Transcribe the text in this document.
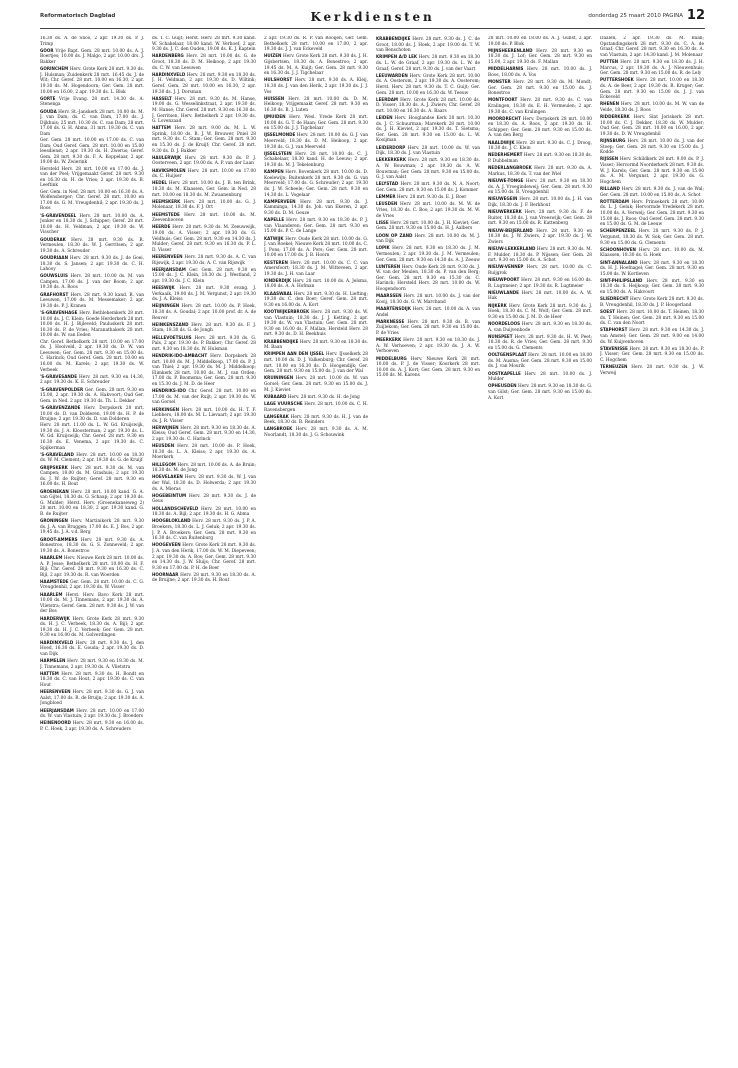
Reformatorisch Dagblad	Kerkdiensten	donderdag 25 maart 2010 PAGINA 12

16.30 ds. A. de Snoo, 2 apr. 19.30 ds. P. J. Trimp

GOOR Vrije Bapt. Gem. 28 mrt. 10.00 ds. A. J. Boertjes; 10.00 ds. J. Malgo, 2 apr. 10.00 drs. J. Bakker

GORINCHEM Herv. Grote Kerk 28 mrt. 9.30 ds. J. Hulsman; Zuidenkerk 28 mrt. 16.45 ds. J. de Wit; Chr. Geref. 28 mrt. 10.00 en 16.30, 2 apr. 19.30 ds. M. Hogendoorn; Ger. Gem. 28 mrt. 10.00 en 16.00, 2 apr. 19.30 ds. L. Blok

GORTE Vrije Evang. 28 mrt. 14.30 ds. A. Stenenga

GOUDA Herv. St.-Janskerk 28 mrt. 10.00 ds. M. J. van Dam; ds. C. van Dam, 17.00 ds. J. Dijkhuis; 25 mrt. 10.30 ds. C. van Dam; 28 mrt. 17.00 ds. G. H. Abma, 31 mrt. 19.30 ds. C. van Dam

Ger. Gem. 28 mrt. 10.00 en 17.00 ds. C. van Dam; Oud Geref. Gem. 28 mrt. 10.00 en 15.00 leesdienst; 2 apr. 19.30 ds. H. Zwerus; Geref. Gem. 28 mrt. 9.30 ds. F. A. Koppelaar, 2 apr. 19.00 ds. W. Zwierink

Hersteld Herv. 28 mrt. 10.00 en 17.00 ds. J. van der Poel; Vrijgemaakt Geref. 28 mrt. 9.30 en 16.30 ds. H. de Vries; 2 apr. 19.30 ds. B. Leeftink

Ger. Gem. in Ned. 28 mrt. 10.00 en 16.30 ds. A. Wolfensberger; Chr. Geref. 28 mrt. 10.00 en 17.00 ds. G. M. Vreugdenhil; 2 apr. 19.30 ds. J. Roos

'S-GRAVENDEEL Herv. 28 mrt. 10.00 ds. A. Jonker en 18.30 ds. J. Schipper; Geref. 28 mrt. 10.00 ds. H. Veldman, 2 apr. 19.30 ds. W. Visscher

GOUDERAK Herv. 28 mrt. 9.30 ds. R. Vermeulen, 18.30 ds. W. J. Gerritsen; 2 apr. 19.30 ds. A. Schreuder

GOUDRIAAN Herv. 28 mrt. 9.30 ds. J. de Goei, 18.30 ds. S. Jansen; 2 apr. 19.30 ds. C. H. Lahooy

GOUWSLUIS Herv. 28 mrt. 10.00 ds. M. van Campen, 17.00 ds. J. van der Boom; 2 apr. 19.30 ds. A. Roos

GRAFHORST Herv. 28 mrt. 9.30 kand. R. van Leeuwen, 17.00 ds. M. Messemaker; 2 apr. 19.30 ds. P. J. Kranen

'S-GRAVENHAGE Herv. Bethlehemkerk 28 mrt. 10.00 ds. J. C. Klein; Goede Herderkerk 28 mrt. 10.00 ds. H. J. Bijleveld; Pauluskerk 28 mrt. 10.30 ds. P. de Vries; Maranathakerk 28 mrt. 10.00 ds. W. van Eeden

Chr. Geref. Bethelkerk 28 mrt. 10.00 en 17.00 ds. J. Hooiveld, 2 apr. 19.30 ds. D. W. van Leeuwen; Ger. Gem. 28 mrt. 9.30 en 15.00 ds. C. Harinck; Oud Geref. Gem. 28 mrt. 10.00 en 16.00 ds. M. Karels; 2 apr. 19.30 ds. W. Verbeek

'S-GRAVESANDE Herv. 28 mrt. 9.30 en 14.30, 2 apr. 19.30 ds. K. E. Schreuder

'S-GRAVENPOLDER Ger. Gem. 28 mrt. 9.30 en 15.00, 2 apr. 19.30 ds. A. Hakvoort; Oud Ger. Gem. in Ned. 2 apr. 19.30 ds. Th. L. Dekker

'S-GRAVENZANDE Herv. Dorpskerk 28 mrt. 10.00 ds. D. van Dolderen, 19.00 ds. H. P. de Bruijne; 2 apr. 19.30 ds. D. van Dolderen

Herv. 28 mrt. 11.00 ds. L. W. Gd. Kruijswijk, 19.30 ds. J. A. Kloosterman; 2 apr. 19.30 ds. L. W. Gd. Kruijswijk; Chr. Geref. 28 mrt. 9.30 en 16.30 ds. E. Venema, 2 apr. 19.30 ds. C. Spijkerman

'S-GRAVELAND Herv. 28 mrt. 10.00 en 18.30 ds. W. M. Clement; 2 apr. 19.30 ds. G. de Kruijf

GRIJPSKERK Herv. 28 mrt. 9.30 ds. M. van Campen; 18.00 ds. M. Grashuis; 2 apr. 19.30 ds. J. W. de Ruijter; Geref. 28 mrt. 9.30 en 16.00 ds. H. Bout

GROENEKAN Herv. 28 mrt. 10.00 kand. G. A. van Gijtel, 18.30 ds. G. Schaap; 2 apr. 19.30 ds. G. Mulder; Herst. Herv. (Groenekanseweg 2) 28 mrt. 10.00 en 18.30, 2 apr. 19.30 kand. G. B. de Ruijter

GRONINGEN Herv. Martinikerk 28 mrt. 9.30 ds. J. A. van Bruggen; 17.00 ds. E. J. Bos, 2 apr. 19.45 ds. J. A. v.d. Berg

GROOT-AMMERS Herv. 28 mrt. 9.30 ds. A. Bonestroo, 18.30 ds. G. S. Zonneveld; 2 apr. 19.30 ds. A. Bonestroo

HAARLEM Herv. Nieuwe Kerk 28 mrt. 10.00 ds. A. P. Jesse; Bethelkerk 28 mrt. 10.00 ds. H. F. Bijl; Chr. Geref. 28 mrt. 9.30 en 16.30 ds. C. Bijl, 2 apr. 19.30 ds. R. van Woerden

HAAMSTEDE Ger. Gem. 28 mrt. 10.00 ds. C. G. Vreugdenhil, 2 apr. 19.30 ds. W. Visser

HAARLEM Herst. Herv. Bavo Kerk 28 mrt. 10.00 ds. M. J. Tinnemans, 2 apr. 19.30 ds. A. Vlietstra; Geref. Gem. 28 mrt. 9.30 ds. J. W. van der Bos

HARDERWIJK Herv. Grote Kerk 28 mrt. 9.30 ds. H. J. C. Verbeek, 18.30 ds. A. Bijl; 2 apr. 19.30 ds. H. J. C. Verbeek; Ger. Gem. 28 mrt. 9.30 en 16.00 ds. M. Golverdingen

HARDINXVELD Herv. 28 mrt. 9.30 ds. J. den Hoed, 16.30 ds. E. Gouda; 2 apr. 19.30 ds. D. van Dijk

HARMELEN Herv. 28 mrt. 9.30 en 18.30 ds. M. J. Tinnemans, 2 apr. 19.30 ds. A. Vlietstra

HATTEM Herv. 28 mrt. 9.30 ds. H. Bondt en 18.30 ds. C. van Hout, 2 apr. 19.30 ds. C. van Hout

HEERENVEEN Herv. 28 mrt. 9.30 ds. G. J. van Aalst, 17.00 ds. R. de Bruijn; 2 apr. 19.30 ds. A. Jongbloed

HEERJANSDAM Herv. 28 mrt. 10.00 en 17.00 ds. W. van Vlastuin; 2 apr. 19.30 ds. J. Broeders

HEINENOORD Herv. 28 mrt. 9.30 en 16.00 ds. P. C. Hoek, 2 apr. 19.30 ds. A. Schreuders

ds. T. C. Guijt; Herst. Herv. 28 mrt. 9.30 kand. W. Schakelaar, 18.00 kand. W. Verhoef; 2 apr. 9.30 ds. J. C. den Ouden, 19.00 ds. K. J. Kaptein

HARDENBERG Herv. 28 mrt. 10.00 ds. G. de Groot, 18.30 ds. D. M. Heikoop, 2 apr. 19.30 ds. C. W. van Leeuwen

HARDINXVELD Herv. 28 mrt. 9.30 en 18.30 ds. J. H. Veldman, 2 apr. 19.30 ds. D. Wiltink; Geref. Gem. 28 mrt. 10.00 en 16.30, 2 apr. 19.30 ds. J. J. Dorsman

HASSELT Herv. 28 mrt. 9.30 ds. M. Hanse, 19.00 ds. G. Wesselinkstraat, 2 apr. 19.30 ds. M. Hanse; Chr. Geref. 28 mrt. 9.30 en 16.30 ds. J. Gerritsen, Herv. Bethelkerk 2 apr. 19.30 ds. G. Lovenzaad

HATTEM Herv. 28 mrt. 9.00 ds. M. L. W. Sprink, 18.00 ds. B. J. W. Brouwer, Pniel 28 mrt. 9.30 ds. C. Stam; Ger. Gem. 28 mrt. 9.30 en 15.30 ds. J. de Kruijf; Chr. Geref. 28 mrt. 9.30 ds. D. J. Bakker

HAULERWIJK Herv. 28 mrt. 9.30 ds. P. J. Oosterveen, 2 apr. 19.00 ds. A. P. van der Laan

HAVIKSMOLEN Herv. 28 mrt. 10.00 en 17.00 ds. C. Huijser

HEDEL Herv. 28 mrt. 10.00 ds. J. B. ten Brink, 18.30 ds. M. Klaassen, Ger. Gem. in Ned. 28 mrt. 10.00 en 18.30 ds. M. Zwaanenburg

HEEMSKERK Herv. 28 mrt. 10.00 ds. G. J. Molenaar, 18.30 ds. F. J. Ort

HEEMSTEDE Herv. 28 mrt. 10.00 ds. M. Zeevenhooven

HEERDE Herv. 28 mrt. 9.30 ds. M. Zeeuwwijk, 19.00 ds. A. Visser; 2 apr. 19.30 ds. G. Veldhuis; Ger. Gem. 28 mrt. 9.30 en 14.30 ds. J. Mulder; Geref. 28 mrt. 9.30 en 16.30 ds. P. L. D. Visser

HEERENVEEN Herv. 28 mrt. 9.30 ds. A. C. van Rijswijk, 2 apr. 19.30 ds. A. C. van Rijswijk

HEERJANSDAM Ger. Gem. 28 mrt. 9.30 en 15.00 ds. J. C. Klein, 18.30 ds. J. Westland, 2 apr. 19.30 ds. J. C. Klein

HEESWIJK Herv. 28 mrt. 9.30 evang. J. Verkaaik, 19.00 ds. J. M. Vergunst, 2 apr. 19.30 ds. J. A. Kleiss

HEIJNINGEN Herv. 28 mrt. 10.00 ds. P. Hoek, 18.30 ds. A. Goudal; 2 apr. 10.00 prof. dr. A. de Reuver

HEINKENSZAND Herv. 28 mrt. 9.30 ds. F. J. Stam; 18.30 ds. G. de Jongh

HELLEVOETSLUIS Herv. 28 mrt. 9.30 ds. G. Pals, 2 apr. 19.30 ds. P. Bakker; Chr. Geref. 28 mrt. 9.30 en 18.30 ds. W. Hulsman

HENDRIK-IDO-AMBACHT Herv. Dorpskerk 28 mrt. 10.00 ds. M. J. Middelkoop, 17.00 ds. P. J. van Thiel; 2 apr. 19.30 ds. M. J. Middelkoop; Elimkerk 28 mrt. 10.00 ds. M. J. van Orden; 17.00 ds. P. Boomsma; Ger. Gem. 28 mrt. 9.30 en 15.30 ds. J. M. D. de Heer

HENDRIKS-IDO Chr. Geref. 28 mrt. 10.00 en 17.00 ds. M. van der Ruijt; 2 apr. 19.30 ds. W. van Gorsel

HERKINGEN Herv. 28 mrt. 10.00 ds. H. T. F. Liebbers, 18.00 ds. M. L. Lievaart; 2 apr. 19.30 ds. J. R. Visser

HERWIJNEN Herv. 28 mrt. 9.30 en 18.30 ds. A. Kleiss; Oud Geref. Gem. 28 mrt. 9.30 en 14.30, 2 apr. 19.30 ds. C. Harinck

HEUSDEN Herv. 28 mrt. 10.00 ds. P. Hoek, 18.30 ds. L. A. Kleiss; 2 apr. 19.30 ds. A. Moerkerk

HILLEGOM Herv. 28 mrt. 10.00 ds. A. de Bruin; 18.30 ds. M. de Jong

HOEVELAKEN Herv. 28 mrt. 9.30 ds. W. J. van der Wal, 18.30 ds. D. Holwerda; 2 apr. 19.30 ds. A. Mieras

HOGEBEINTUM Herv. 28 mrt. 9.30 ds. J. de Geus

HOLLANDSCHEVELD Herv. 28 mrt. 10.00 en 18.30 ds. A. Bijl; 2 apr. 19.30 ds. H. G. Abma

HOOGBLOKLAND Herv. 28 mrt. 9.30 ds. J. P. A. Broekers, 18.30 ds. L. J. Geluk; 2 apr. 19.30 ds. J. P. A. Broekers; Ger. Gem. 28 mrt. 9.30 en 16.30 ds. C. van Ruitenburg

HOOGEVEEN Herv. Grote Kerk 28 mrt. 9.30 ds. J. A. van den Herik, 17.00 ds. W. M. Diepeveen; 2 apr. 19.30 ds. A. Bos; Ger. Gem. 28 mrt. 9.30 en 14.30 ds. J. W. Sluijs; Chr. Geref. 28 mrt. 9.30 en 17.00 ds. P. H. de Boer

HOORNAAR Herv. 28 mrt. 9.30 en 18.30 ds. A. de Bruijne; 2 apr. 19.30 ds. H. Bout

2 apr. 19.30 ds. R. P. van Rooijen, Ger. Gem. Bethelkerk 28 mrt. 10.00 en 17.00, 2 apr. 19.30 ds. J. J. van Eckeveld

HUIZEN Herv. Grote Kerk 28 mrt. 9.30 ds. J. H. Gijsbertsen, 18.30 ds. A. Bonestroo; 2 apr. 19.45 ds. M. A. Kuijt; Ger. Gem. 28 mrt. 9.30 en 16.30 ds. J. J. Tigchelaar

HULSHORST Herv. 28 mrt. 9.30 ds. A. Kleij, 18.30 ds. J. van den Herik, 2 apr. 19.30 ds. J. J. Vos

HUISSEN Herv. 28 mrt. 10.00 ds. D. M. Heikoop; Vrijgemaakt Geref. 28 mrt. 9.30 en 16.30 ds. B. J. Luten

IJMUIDEN Herv. Wesl. Vrede Kerk 28 mrt. 10.00 ds. G. T. de Haan; Ger. Gem. 28 mrt. 9.30 en 15.00 ds. J. J. Tigchelaar

IJSSELMONDE Herv. 28 mrt. 10.00 ds. G. J. van Meerveld; 18.30 ds. D. M. Heikoop, 2 apr. 19.30 ds. G. J. van Meerveld

IJSSELSTEIN Herv. 28 mrt. 10.00 ds. C. J. Schakelaar, 18.30 kand. H. de Leeuw; 2 apr. 19.30 ds. M. J. Tekelenburg

KAMPEN Herv. Bovenkerk 28 mrt. 10.00 ds. D. Koelewijn; Buitenkerk 28 mrt. 9.30 ds. G. van Meerveld; 17.00 ds. G. Schreuder; 2 apr. 19.30 ds. J. W. Scheele; Ger. Gem. 28 mrt. 9.30 en 14.30 ds. L. Vogelaar

KAMPERVEEN Herv. 28 mrt. 9.30 ds. J. Kamminga, 14.30 ds. Joh. van Ekeren, 2 apr. 9.30 ds. D. M. Geuze

KAPELLE Herv. 28 mrt. 9.30 en 18.30 ds. P. J. van Vlaanderen; Ger. Gem. 28 mrt. 9.30 en 15.00 ds. P. C. de Lange

KATWIJK Herv. Oude Kerk 28 mrt. 10.00 ds. G. J. van Roekel; Nieuwe Kerk 28 mrt. 10.00 ds. C. J. Pons; 17.00 ds. A. Pors; Ger. Gem. 28 mrt. 10.00 en 17.00 ds. J. B. Hoorn

KESTEREN Herv. 28 mrt. 10.00 ds. C. C. van Amersfoort; 18.30 ds. J. M. Witteveen, 2 apr. 19.30 ds. J. H. van Laar

KINDERDIJK Herv. 28 mrt. 10.00 ds. A. Jelsma, 18.00 ds. A. A. Hofman

KLAASWAAL Herv. 28 mrt. 9.30 ds. H. Liefting; 19.30 ds. C. den Boer; Geref. Gem. 28 mrt. 9.30 en 16.00 ds. A. Kort

KOOTWIJKERBROEK Herv. 28 mrt. 9.30 ds. W. van Vlastuin; 18.30 ds. J. J. Ketting, 2 apr. 19.30 ds. W. van Vlastuin; Ger. Gem. 28 mrt. 9.30 en 16.00 ds. F. Mallan; Hersteld Herv. 28 mrt. 9.30 ds. D. H. Beekhuis

KRABBENDIJKE Herv. 28 mrt. 9.30 en 18.30 ds. M. Baan

KRIMPEN AAN DEN IJSSEL Herv. IJsselkerk 28 mrt. 10.00 ds. D. J. Valkenburg; Chr. Geref. 28 mrt. 10.00 en 16.30 ds. D. Hoogendijk; Ger. Gem. 28 mrt. 9.30 en 15.00 ds. J. van der Wal

KRUININGEN Herv. 28 mrt. 10.00 ds. W. van Gorsel; Ger. Gem. 28 mrt. 9.30 en 15.00 ds. J. M. J. Kieviet

KUBAARD Herv. 28 mrt. 9.30 ds. H. de Jong

LAGE VUURSCHE Herv. 28 mrt. 10.00 ds. C. H. Ravensbergen

LANGERAK Herv. 28 mrt. 9.30 ds. H. J. van de Beek, 18.30 ds. B. Reinders

LANGBROEK Herv. 28 mrt. 9.30 ds. A. M. Noorlandt, 18.30 ds. J. G. Schouwink

KRABBENDIJKE Herv. 28 mrt. 9.30 ds. J. C. de Groot, 18.00 ds. J. Hoek, 2 apr. 19.00 ds. T. W. van Benschoten

KRIMPEN A/D LEK Herv. 28 mrt. 9.30 en 18.30 ds. L. W. de Graaf, 2 apr. 19.30 ds. L. W. de Graaf; Geref. 28 mrt. 9.30 ds. J. van der Vaart

LEEUWARDEN Herv. Grote Kerk 28 mrt. 10.00 ds. A. Oosterom, 2 apr. 19.30 ds. A. Oosterom; Herst. Herv. 28 mrt. 9.30 ds. T. C. Guijt; Ger. Gem. 28 mrt. 10.00 en 16.30 ds. W. Teeuw

LEERDAM Herv. Grote Kerk 28 mrt. 10.00 ds. D. Visser; 18.30 ds. A. J. Zwiers; Chr. Geref. 28 mrt. 10.00 en 16.30 ds. A. Baars

LEIDEN Herv. Hooglandse Kerk 28 mrt. 10.30 ds. J. C. Schuurman; Marekerk 28 mrt. 10.00 ds. J. H. Kieviet, 2 apr. 19.30 ds. T. Sietsma; Ger. Gem. 28 mrt. 9.30 en 15.00 ds. L. W. Kooijman

LEIDERDORP Herv. 28 mrt. 10.00 ds. W. van Dijk, 18.30 ds. J. van Vlastuin

LEKKERKERK Herv. 28 mrt. 9.30 en 18.30 ds. A. W. Bouwman; 2 apr. 19.30 ds. A. W. Bouwman; Ger. Gem. 28 mrt. 9.30 en 15.00 ds. G. J. van Aalst

LELYSTAD Herv. 28 mrt. 9.30 ds. N. A. Noort; Ger. Gem. 28 mrt. 9.30 en 15.00 ds. J. Kommer

LEMMER Herv. 28 mrt. 9.30 ds. E. J. Boer

LEUSDEN Herv. 28 mrt. 10.00 ds. M. W. de Vries, 18.30 ds. C. Bos; 2 apr. 19.30 ds. M. W. de Vries

LISSE Herv. 28 mrt. 10.00 ds. J. H. Kieviet; Ger. Gem. 28 mrt. 9.30 en 15.00 ds. H. J. Aalbers

LOON OP ZAND Herv. 28 mrt. 10.00 ds. M. J. van Dijk

LOPIK Herv. 28 mrt. 9.30 en 18.30 ds. J. M. Vermeulen; 2 apr. 19.30 ds. J. M. Vermeulen; Ger. Gem. 28 mrt. 9.30 en 14.30 ds. A. J. Zeeuw

LUNTEREN Herv. Oude Kerk 28 mrt. 9.30 ds. J. W. van der Meulen, 18.30 ds. P. van den Berg; Ger. Gem. 28 mrt. 9.30 en 15.30 ds. C. Harinck; Hersteld Herv. 28 mrt. 10.00 ds. W. Hoogendoorn

MAARSSEN Herv. 28 mrt. 10.00 ds. J. van der Kooij, 18.30 ds. G. W. Marchand

MAARTENSDIJK Herv. 28 mrt. 10.00 ds. A. van Andel

MARKNESSE Herv. 28 mrt. 9.30 ds. B. van Zuijlekom; Ger. Gem. 28 mrt. 9.30 en 15.00 ds. P. de Vries

MEERKERK Herv. 28 mrt. 9.30 en 18.30 ds. J. A. W. Verhoeven; 2 apr. 19.30 ds. J. A. W. Verhoeven

MIDDELBURG Herv. Nieuwe Kerk 28 mrt. 10.00 ds. P. J. de Visser; Koorkerk 28 mrt. 10.00 ds. A. J. Kort; Ger. Gem. 28 mrt. 9.30 en 15.00 ds. M. Karens

28 mrt. 10.00 en 18.00 ds. A. J. Gunst, 2 apr. 19.00 ds. P. Blok

MIJNSHEERENLAND Herv. 28 mrt. 9.30 en 18.30 ds. J. Lof; Ger. Gem. 28 mrt. 9.30 en 15.00, 2 apr. 19.30 ds. F. Mallan

MIDDELHARNIS Herv. 28 mrt. 10.00 ds. J. Roos, 18.00 ds. A. Vos

MONSTER Herv. 28 mrt. 9.30 ds. M. Mondt; Ger. Gem. 28 mrt. 9.30 en 15.00 ds. J. Bonestroo

MONTFOORT Herv. 28 mrt. 9.30 ds. C. van Kralingen, 18.30 ds. E. H. Vermeulen; 2 apr. 19.30 ds. C. van Kralingen

MOORDRECHT Herv. Dorpskerk 28 mrt. 10.00 en 18.30 ds. A. Roos, 2 apr. 19.30 ds. H. Schipper; Ger. Gem. 28 mrt. 9.30 en 15.00 ds. A. van den Berg

NAALDWIJK Herv. 28 mrt. 9.30 ds. C. J. Droog, 18.30 ds. J. C. Klein

NEDERHEMERT Herv. 28 mrt. 9.30 en 18.30 ds. P. Dubbelman

NEDERLANGBROEK Herv. 28 mrt. 9.30 ds. A. Markus, 18.30 ds. T. van der Wiel

NIEUWE-TONGE Herv. 28 mrt. 9.30 en 18.30 ds. A. J. Vroegindeweij; Ger. Gem. 28 mrt. 9.30 en 15.00 ds. B. Vreugdenhil

NIEUWEGEIN Herv. 28 mrt. 10.00 ds. J. H. van Dijk, 18.30 ds. J. F. Berkhout

NIEUWERKERK Herv. 28 mrt. 9.30 ds. F. de Ruiter, 18.30 ds. J. van Vreeswijk; Ger. Gem. 28 mrt. 9.30 en 15.00 ds. R. Kattenberg

NIEUW-BEIJERLAND Herv. 28 mrt. 9.30 en 18.30 ds. J. W. Zwiers, 2 apr. 19.30 ds. J. W. Zwiers

NIEUW-LEKKERLAND Herv. 28 mrt. 9.30 ds. M. F. Mulder, 18.30 ds. P. Nijssen; Ger. Gem. 28 mrt. 9.30 en 15.00 ds. A. Schot

NIEUW-VENNEP Herv. 28 mrt. 10.00 ds. C. Ruijgrok

NIEUWPOORT Herv. 28 mrt. 9.30 en 16.00 ds. R. Lugtmeier; 2 apr. 19.30 ds. R. Lugtmeier

NIEUWLANDE Herv. 28 mrt. 10.00 ds. A. W. Hak

NIJKERK Herv. Grote Kerk 28 mrt. 9.30 ds. J. Hoek, 18.30 ds. C. M. Wolf; Ger. Gem. 28 mrt. 9.30 en 15.00 ds. J. M. D. de Heer

NOORDELOOS Herv. 28 mrt. 9.30 en 18.30 ds. A. van Duijvenbode

NUNSPEET Herv. 28 mrt. 9.30 ds. H. W. Peet; 18.30 ds. R. de Vries; Ger. Gem. 28 mrt. 9.30 en 15.00 ds. G. Clements

OOLTGENSPLAAT Herv. 28 mrt. 10.00 en 18.00 ds. M. Ausma; Ger. Gem. 28 mrt. 9.30 en 15.00 ds. J. van Mourik

OOSTKAPELLE Herv. 28 mrt. 10.00 ds. J. Mulder

OPHEUSDEN Herv. 28 mrt. 9.30 en 18.30 ds. G. van Gilst; Ger. Gem. 28 mrt. 9.30 en 15.00 ds. A. Kort

Daalen, 2 apr. 19.30 ds. M. Baan; Opstandingskerk 28 mrt. 9.30 ds. C. A. de Graaf; Chr. Geref. 28 mrt. 9.30 en 16.30 ds. A. van Vlastuin, 2 apr. 14.30 kand. J. M. Molenaar

PUTTEN Herv. 28 mrt. 9.30 en 18.30 ds. J. H. Marcus, 2 apr. 19.30 ds. A. J. Nieuwenhuis; Ger. Gem. 28 mrt. 9.30 en 15.00 ds. R. de Lely

PUTTERSHOEK Herv. 28 mrt. 10.00 en 18.30 ds. A. de Beer, 2 apr. 19.30 ds. R. Kruger; Ger. Gem. 28 mrt. 9.30 en 15.00 ds. J. J. van Eckeveld

RHENEN Herv. 28 mrt. 10.00 ds. M. W. van de Velde, 18.30 ds. J. Roos

RIDDERKERK Herv. Sint Joriskerk 28 mrt. 10.00 ds. C. J. Dekker, 18.30 ds. W. Mulder; Oud Ger. Gem. 28 mrt. 10.00 en 16.00, 2 apr. 19.30 ds. D. W. Vreugdenhil

RIJNSBURG Herv. 28 mrt. 10.00 ds. J. van der Stoep; Ger. Gem. 28 mrt. 9.30 en 15.00 ds. J. Kodde

RIJSSEN Herv. Schildkerk 28 mrt. 9.00 ds. P. J. Visser; Hervormd Noorderkerk 28 mrt. 9.30 ds. W. J. Karels; Ger. Gem. 28 mrt. 9.30 en 15.00 ds. A. M. Vergunst, 2 apr. 19.30 ds. G. Hogchem

RILLAND Herv. 28 mrt. 9.30 ds. J. van de Wal; Ger. Gem. 28 mrt. 10.00 en 15.00 ds. A. Schot

ROTTERDAM Herv. Prinsekerk 28 mrt. 10.00 ds. L. J. Geluk; Hervormde Vredekerk 28 mrt. 10.00 ds. A. Verweij; Ger. Gem. 28 mrt. 9.30 en 15.00 ds. J. Roos; Oud Geref. Gem. 28 mrt. 9.30 en 15.00 ds. G. M. de Leeuw

SCHERPENZEEL Herv. 28 mrt. 9.30 ds. P. J. Vergunst, 18.30 ds. W. Sok; Ger. Gem. 28 mrt. 9.30 en 15.00 ds. G. Clements

SCHOONHOVEN Herv. 28 mrt. 10.00 ds. M. Klaassen, 18.30 ds. G. Hoek

SINT-ANNALAND Herv. 28 mrt. 9.30 en 18.30 ds. H. J. Hoefnagel; Ger. Gem. 28 mrt. 9.30 en 15.00 ds. W. Kortleven

SINT-PHILIPSLAND Herv. 28 mrt. 9.30 en 18.30 ds. S. Heijkoop; Ger. Gem. 28 mrt. 9.30 en 15.00 ds. A. Hakvoort

SLIEDRECHT Herv. Grote Kerk 28 mrt. 9.30 ds. B. Vreugdenhil, 18.30 ds. J. P. Hoogerland

SOEST Herv. 28 mrt. 10.00 ds. T. Heinen, 18.30 ds. T. Heinen; Ger. Gem. 28 mrt. 9.30 en 15.00 ds. C. van den Noort

STAPHORST Herv. 28 mrt. 9.30 en 14.30 ds. J. van Amstel; Ger. Gem. 28 mrt. 9.00 en 14.00 ds. W. Kuijvenhoven

STAVENISSE Herv. 28 mrt. 9.30 en 18.30 ds. P. J. Visser; Ger. Gem. 28 mrt. 9.30 en 15.00 ds. C. Hogchem

TERNEUZEN Herv. 28 mrt. 9.30 ds. J. W. Verweij
